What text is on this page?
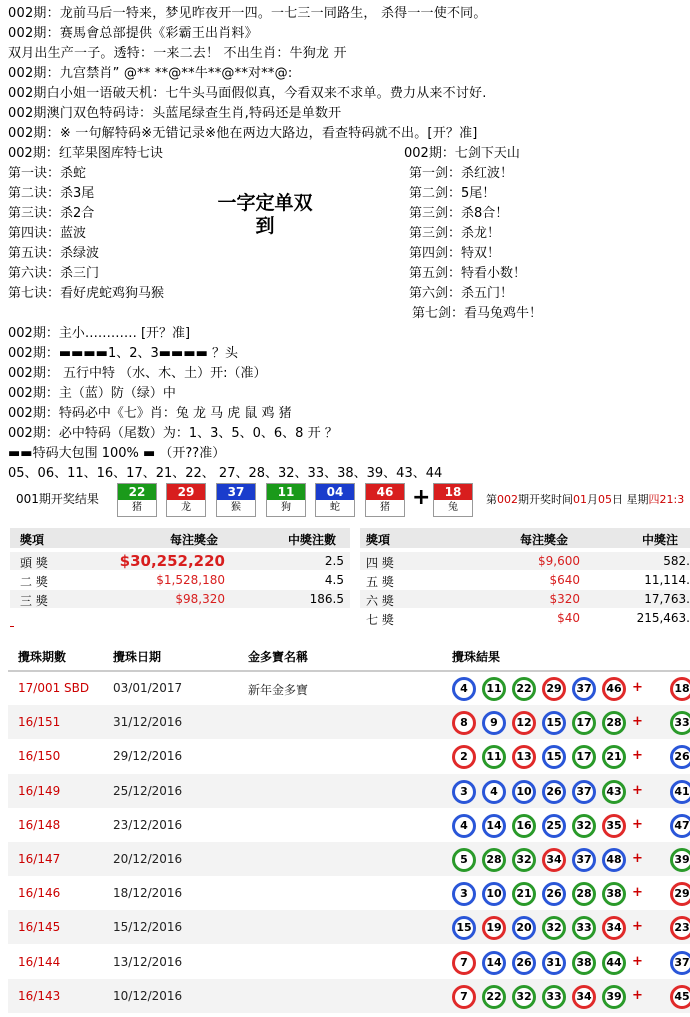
002期：龙前马后一特来，梦见昨夜开一四。一七三一同路生， 杀得一一使不同。
002期：赛馬會总部提供《彩霸王出肖料》
双月出生产一子。透特：一来二去！ 不出生肖：牛狗龙 开
002期：九宫禁肖” @** **@**牛**@**对**@:
002期白小姐一语破天机：七牛头马面假似真，今看双来不求单。费力从来不讨好.
002期澳门双色特码诗：头蓝尾绿查生肖,特码还是单数开
002期：※ 一句解特码※无错记录※他在两边大路边，看查特码就不出。[开？准]
002期：红苹果图库特七诀
第一诀：杀蛇
第二诀：杀3尾
第三诀：杀2合
第四诀：蓝波
第五诀：杀绿波
第六诀：杀三门
第七诀：看好虎蛇鸡狗马猴
一字定单双
到
002期：七剑下天山
第一剑：杀红波！
第二剑：5尾！
第三剑：杀8合！
第三剑：杀龙！
第四剑：特双！
第五剑：特看小数！
第六剑：杀五门！
第七剑：看马兔鸡牛！
002期：主小………… [开？准]
002期：▬▬▬▬1、2、3▬▬▬▬ ？头
002期： 五行中特 （水、木、土）开:（准）
002期：主（蓝）防（绿）中
002期：特码必中《七》肖：兔 龙 马 虎 鼠 鸡 猪
002期：必中特码（尾数）为：1、3、5、0、6、8 开 ？
▬▬特码大包围 100% ▬ （开??准）
05、06、11、16、17、21、22、 27、28、32、33、38、39、43、44
001期开奖结果	22
猪
29
龙
37
猴
11
狗
04
蛇
46
猪
18
兔
+	第002期开奖时间01月05日 星期四21:3
獎項	每注獎金	中獎注數 獎項	每注獎金	中獎注
頭 獎	$30,252,220	2.5
二 獎	$1,528,180	4.5
三 獎	$98,320	186.5
四 獎	$9,600	582.
五 獎	$640	11,114.
六 獎	$320	17,763.
七 獎	$40	215,463.
攪珠期數	攪珠日期	金多寶名稱	攪珠結果
17/001 SBD 03/01/2017	新年金多寶	4	11	22	29	37	46 +	18
16/151	31/12/2016	8	9	12	15	17	28 +	33
16/150	29/12/2016	2	11	13	15	17	21 +	26
16/149	25/12/2016	3	4	10	26	37	43 +	41
16/148	23/12/2016	4	14	16	25	32	35 +	47
16/147	20/12/2016	5	28	32	34	37	48 +	39
16/146	18/12/2016	3	10	21	26	28	38 +	29
16/145	15/12/2016	15	19	20	32	33	34 +	23
16/144	13/12/2016	7	14	26	31	38	44 +	37
16/143	10/12/2016	7	22	32	33	34	39 +	45
